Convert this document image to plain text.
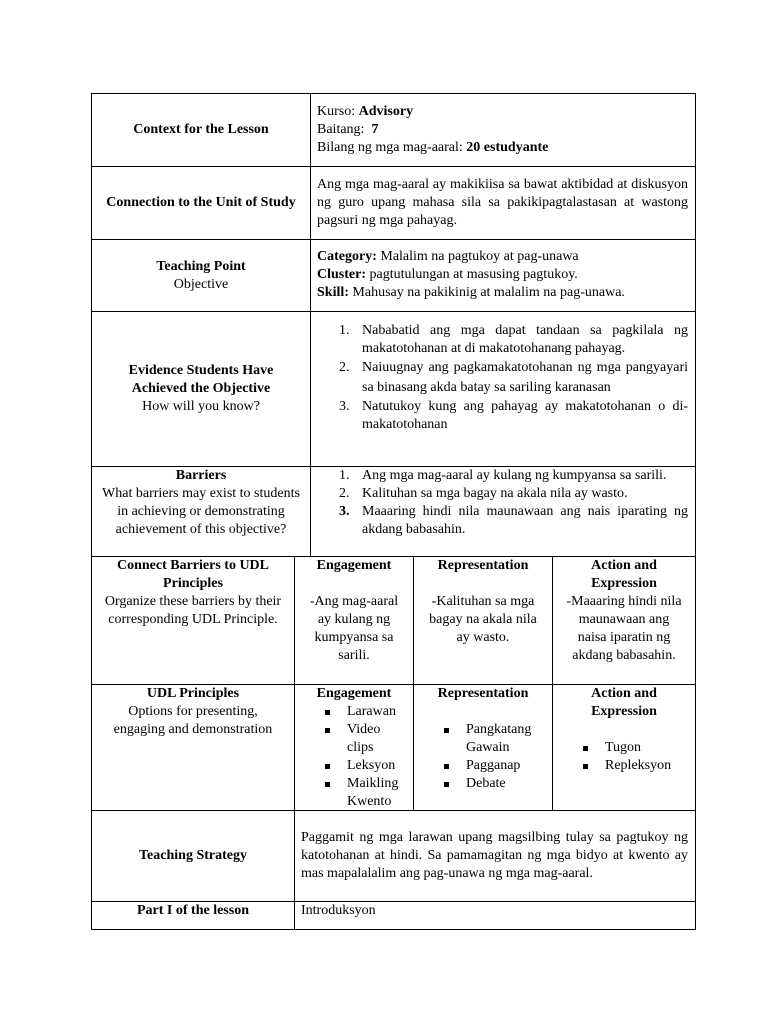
Context for the Lesson
Kurso: Advisory
Baitang:  7
Bilang ng mga mag-aaral: 20 estudyante
Connection to the Unit of Study
Ang mga mag-aaral ay makikiisa sa bawat aktibidad at diskusyon ng guro upang mahasa sila sa pakikipagtalastasan at wastong pagsuri ng mga pahayag.
Teaching Point
Objective
Category: Malalim na pagtukoy at pag-unawa
Cluster: pagtutulungan at masusing pagtukoy.
Skill: Mahusay na pakikinig at malalim na pag-unawa.
Evidence Students Have Achieved the Objective
How will you know?
1. Nababatid ang mga dapat tandaan sa pagkilala ng makatotohanan at di makatotohanang pahayag.
2. Naiuugnay ang pagkamakatotohanan ng mga pangyayari sa binasang akda batay sa sariling karanasan
3. Natutukoy kung ang pahayag ay makatotohanan o di-makatotohanan
Barriers
What barriers may exist to students in achieving or demonstrating achievement of this objective?
1. Ang mga mag-aaral ay kulang ng kumpyansa sa sarili.
2. Kalituhan sa mga bagay na akala nila ay wasto.
3. Maaaring hindi nila maunawaan ang nais iparating ng akdang babasahin.
Connect Barriers to UDL Principles
Organize these barriers by their corresponding UDL Principle.
Engagement
-Ang mag-aaral ay kulang ng kumpyansa sa sarili.
Representation
-Kalituhan sa mga bagay na akala nila ay wasto.
Action and Expression
-Maaaring hindi nila maunawaan ang naisa iparatin ng akdang babasahin.
UDL Principles
Options for presenting, engaging and demonstration
Engagement
Larawan
Video clips
Leksyon
Maikling Kwento
Representation
Pangkatang Gawain
Pagganap
Debate
Action and Expression
Tugon
Repleksyon
Teaching Strategy
Paggamit ng mga larawan upang magsilbing tulay sa pagtukoy ng katotohanan at hindi. Sa pamamagitan ng mga bidyo at kwento ay mas mapalalalim ang pag-unawa ng mga mag-aaral.
Part I of the lesson	Introduksyon
